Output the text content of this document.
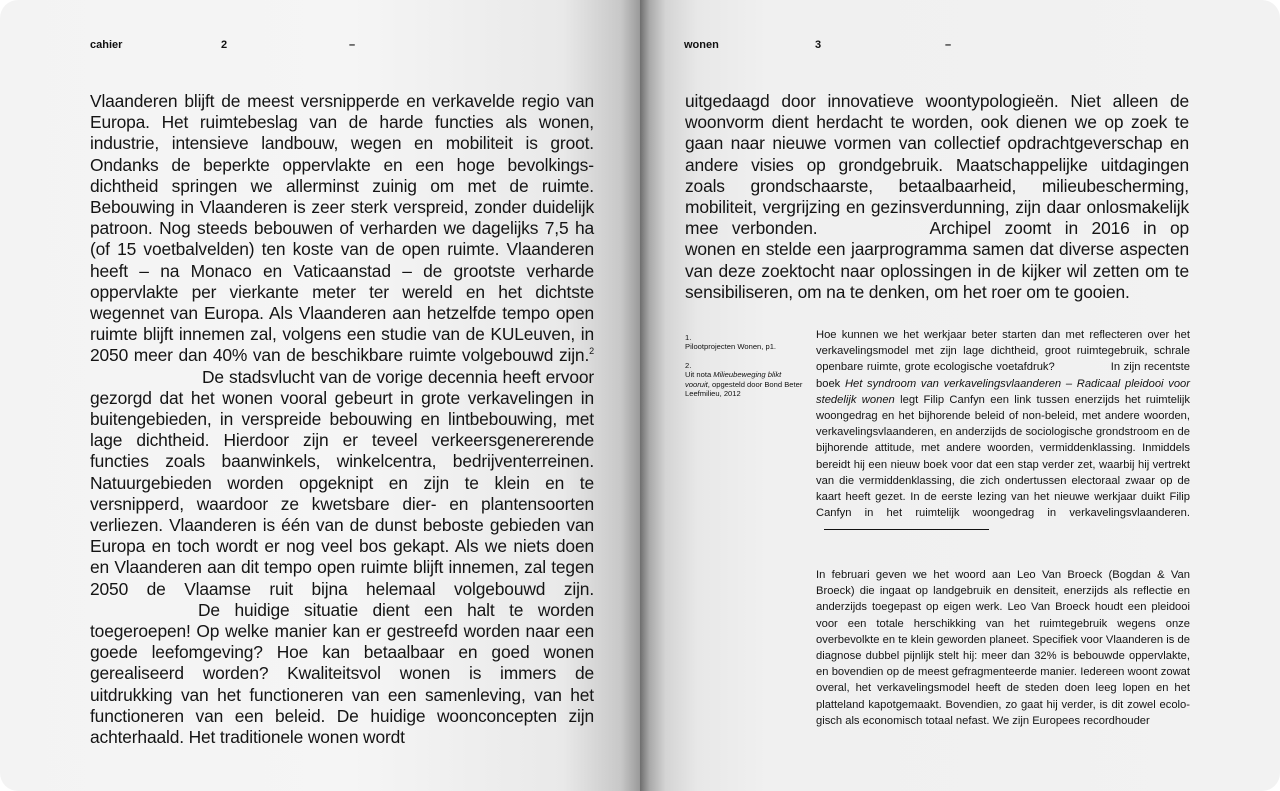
cahier	2	–

Vlaanderen blijft de meest versnipperde en verkavelde regio van Europa. Het ruimtebeslag van de harde functies als wonen, industrie, intensieve landbouw, wegen en mobiliteit is groot. Ondanks de beperkte oppervlakte en een hoge bevolkingsdichtheid springen we allerminst zuinig om met de ruimte. Bebouwing in Vlaanderen is zeer sterk verspreid, zonder duidelijk patroon. Nog steeds bebouwen of verharden we dagelijks 7,5 ha (of 15 voetbalvelden) ten koste van de open ruimte. Vlaanderen heeft – na Monaco en Vaticaanstad – de grootste verharde oppervlakte per vierkante meter ter wereld en het dichtste wegennet van Europa. Als Vlaanderen aan hetzelfde tempo open ruimte blijft innemen zal, volgens een studie van de KULeuven, in 2050 meer dan 40% van de beschikbare ruimte volgebouwd zijn.$^2$De stadsvlucht van de vorige decennia heeft ervoor gezorgd dat het wonen vooral gebeurt in grote verkavelingen in buitengebieden, in verspreide bebouwing en lintbebouwing, met lage dichtheid. Hierdoor zijn er teveel verkeersgenererende functies zoals baanwinkels, winkelcentra, bedrijventerreinen. Natuurgebieden worden opgeknipt en zijn te klein en te versnipperd, waardoor ze kwetsbare dier- en plantensoorten verliezen. Vlaanderen is één van de dunst beboste gebieden van Europa en toch wordt er nog veel bos gekapt. Als we niets doen en Vlaanderen aan dit tempo open ruimte blijft innemen, zal tegen 2050 de Vlaamse ruit bijna helemaal volgebouwd zijn.De huidige situatie dient een halt te worden toegeroepen! Op welke manier kan er gestreefd worden naar een goede leefomgeving? Hoe kan betaalbaar en goed wonen gerealiseerd worden? Kwaliteitsvol wonen is immers de uitdrukking van het functioneren van een samenleving, van het functioneren van een beleid. De huidige woonconcepten zijn achterhaald. Het traditionele wonen wordt

wonen	3	–

uitgedaagd door innovatieve woontypologieën. Niet alleen de woonvorm dient herdacht te worden, ook dienen we op zoek te gaan naar nieuwe vormen van collectief opdrachtgeverschap en andere visies op grondgebruik. Maatschappelijke uitdagingen zoals grondschaarste, betaalbaarheid, milieubescherming, mobiliteit, vergrijzing en gezinsverdunning, zijn daar onlosmakelijk mee verbonden.	Archipel zoomt in 2016 in op wonen en stelde een jaarprogramma samen dat diverse aspecten van deze zoektocht naar oplossingen in de kijker wil zetten om te sensibiliseren, om na te denken, om het roer om te gooien.

1.
Pilootprojecten Wonen, p1.

2.
Uit nota Milieubeweging blikt vooruit, opgesteld door Bond Beter Leefmilieu, 2012

Hoe kunnen we het werkjaar beter starten dan met reflecteren over het verkavelingsmodel met zijn lage dichtheid, groot ruimtegebruik, schrale openbare ruimte, grote ecologische voetafdruk?	In zijn recentste boek Het syndroom van verkavelingsvlaanderen – Radicaal pleidooi voor stedelijk wonen legt Filip Canfyn een link tussen enerzijds het ruimtelijk woongedrag en het bijhorende beleid of non-beleid, met andere woorden, verkavelingsvlaanderen, en anderzijds de sociologische grondstroom en de bijhorende attitude, met andere woorden, vermiddenklassing. Inmiddels bereidt hij een nieuw boek voor dat een stap verder zet, waarbij hij vertrekt van die vermiddenklassing, die zich ondertussen electoraal zwaar op de kaart heeft gezet. In de eerste lezing van het nieuwe werkjaar duikt Filip Canfyn in het ruimtelijk woongedrag in verkavelingsvlaanderen.

In februari geven we het woord aan Leo Van Broeck (Bogdan & Van Broeck) die ingaat op landgebruik en densiteit, enerzijds als reflectie en anderzijds toegepast op eigen werk. Leo Van Broeck houdt een pleidooi voor een totale herschikking van het ruimtegebruik wegens onze overbevolkte en te klein geworden planeet. Specifiek voor Vlaanderen is de diagnose dubbel pijnlijk stelt hij: meer dan 32% is bebouwde oppervlakte, en bovendien op de meest gefragmenteerde manier. Iedereen woont zowat overal, het verkavelingsmodel heeft de steden doen leeg lopen en het platteland kapotgemaakt. Bovendien, zo gaat hij verder, is dit zowel ecologisch als economisch totaal nefast. We zijn Europees recordhouder
